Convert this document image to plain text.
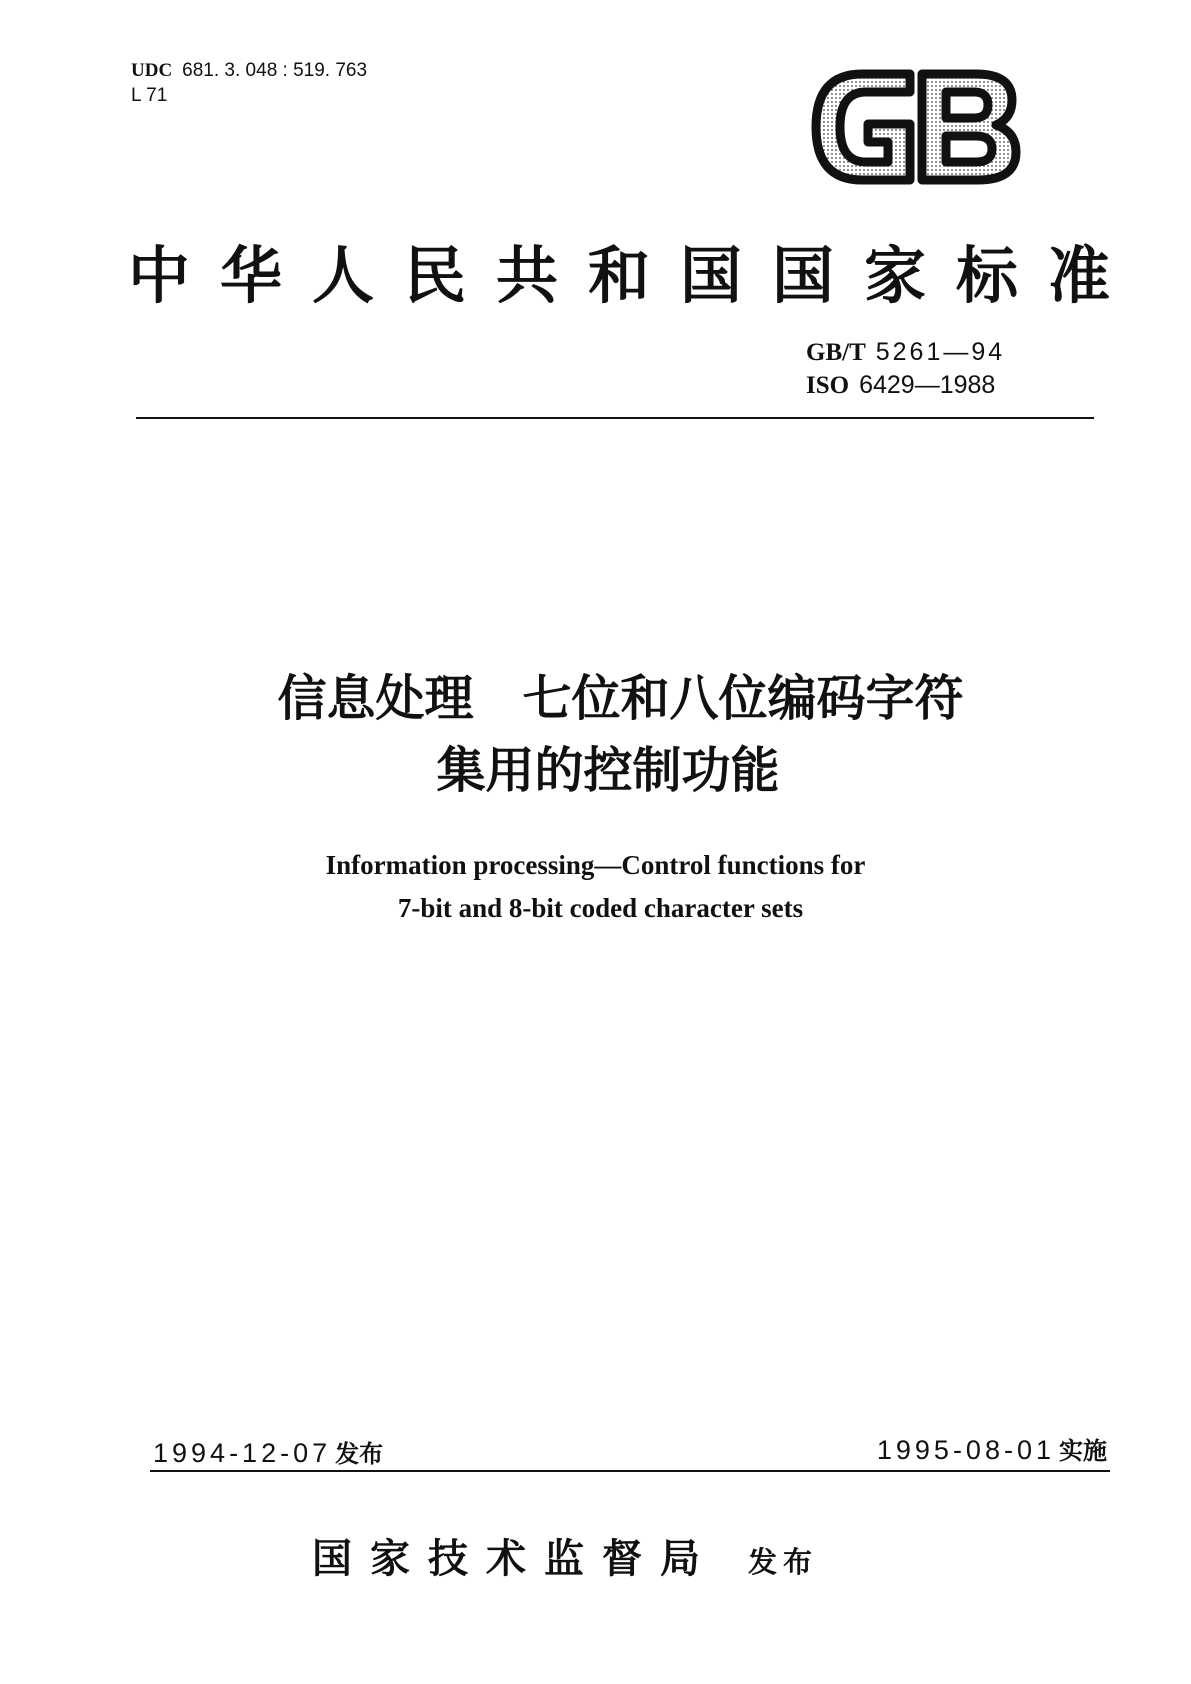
UDC 681. 3. 048 : 519. 763
L 71
中华人民共和国国家标准
GB/T 5261—94
ISO 6429—1988
信息处理　七位和八位编码字符
集用的控制功能
Information processing—Control functions for
7-bit and 8-bit coded character sets
1994-12-07 发布	1995-08-01 实施
国家技术监督局 发布
